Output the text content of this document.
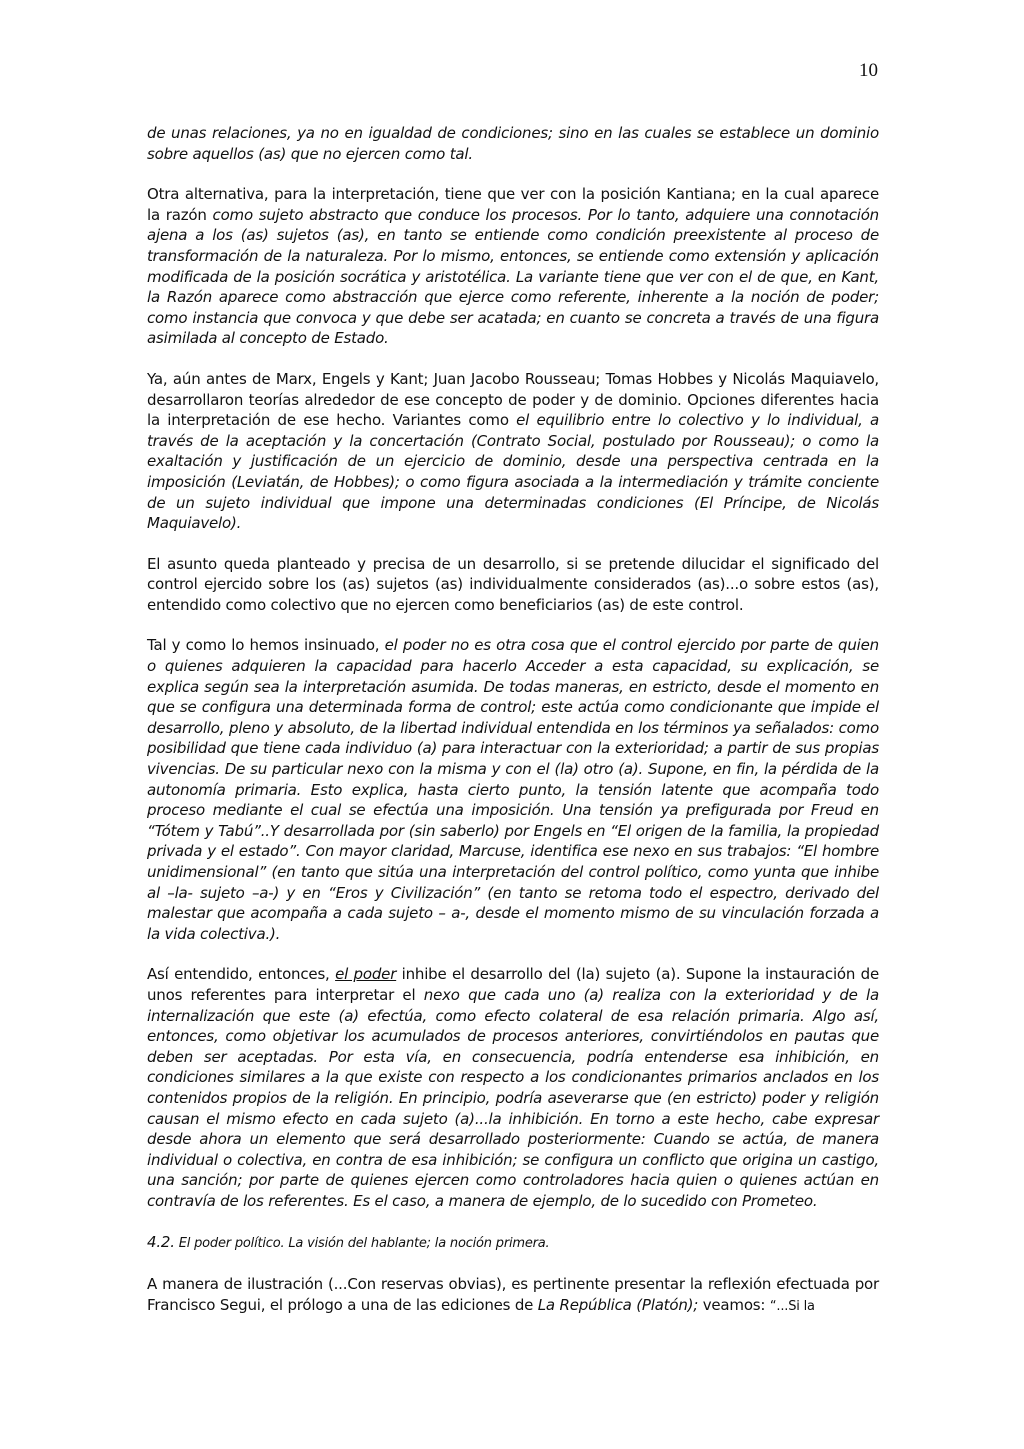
10

de unas relaciones, ya no en igualdad de condiciones; sino en las cuales se establece un dominio sobre aquellos (as) que no ejercen como tal.

Otra alternativa, para la interpretación, tiene que ver con la posición Kantiana; en la cual aparece la razón como sujeto abstracto que conduce los procesos. Por lo tanto, adquiere una connotación ajena a los (as) sujetos (as), en tanto se entiende como condición preexistente al proceso de transformación de la naturaleza. Por lo mismo, entonces, se entiende como extensión y aplicación modificada de la posición socrática y aristotélica. La variante tiene que ver con el de que, en Kant, la Razón aparece como abstracción que ejerce como referente, inherente a la noción de poder; como instancia que convoca y que debe ser acatada; en cuanto se concreta a través de una figura asimilada al concepto de Estado.

Ya, aún antes de Marx, Engels y Kant; Juan Jacobo Rousseau; Tomas Hobbes y Nicolás Maquiavelo, desarrollaron teorías alrededor de ese concepto de poder y de dominio. Opciones diferentes hacia la interpretación de ese hecho. Variantes como el equilibrio entre lo colectivo y lo individual, a través de la aceptación y la concertación (Contrato Social, postulado por Rousseau); o como la exaltación y justificación de un ejercicio de dominio, desde una perspectiva centrada en la imposición (Leviatán, de Hobbes); o como figura asociada a la intermediación y trámite conciente de un sujeto individual que impone una determinadas condiciones (El Príncipe, de Nicolás Maquiavelo).

El asunto queda planteado y precisa de un desarrollo, si se pretende dilucidar el significado del control ejercido sobre los (as) sujetos (as) individualmente considerados (as)...o sobre estos (as), entendido como colectivo que no ejercen como beneficiarios (as) de este control.

Tal y como lo hemos insinuado, el poder no es otra cosa que el control ejercido por parte de quien o quienes adquieren la capacidad para hacerlo Acceder a esta capacidad, su explicación, se explica según sea la interpretación asumida. De todas maneras, en estricto, desde el momento en que se configura una determinada forma de control; este actúa como condicionante que impide el desarrollo, pleno y absoluto, de la libertad individual entendida en los términos ya señalados: como posibilidad que tiene cada individuo (a) para interactuar con la exterioridad; a partir de sus propias vivencias. De su particular nexo con la misma y con el (la) otro (a). Supone, en fin, la pérdida de la autonomía primaria. Esto explica, hasta cierto punto, la tensión latente que acompaña todo proceso mediante el cual se efectúa una imposición. Una tensión ya prefigurada por Freud en “Tótem y Tabú”..Y desarrollada por (sin saberlo) por Engels en “El origen de la familia, la propiedad privada y el estado”. Con mayor claridad, Marcuse, identifica ese nexo en sus trabajos: “El hombre unidimensional” (en tanto que sitúa una interpretación del control político, como yunta que inhibe al –la- sujeto –a-) y en “Eros y Civilización” (en tanto se retoma todo el espectro, derivado del malestar que acompaña a cada sujeto – a-, desde el momento mismo de su vinculación forzada a la vida colectiva.).

Así entendido, entonces, el poder inhibe el desarrollo del (la) sujeto (a). Supone la instauración de unos referentes para interpretar el nexo que cada uno (a) realiza con la exterioridad y de la internalización que este (a) efectúa, como efecto colateral de esa relación primaria. Algo así, entonces, como objetivar los acumulados de procesos anteriores, convirtiéndolos en pautas que deben ser aceptadas. Por esta vía, en consecuencia, podría entenderse esa inhibición, en condiciones similares a la que existe con respecto a los condicionantes primarios anclados en los contenidos propios de la religión. En principio, podría aseverarse que (en estricto) poder y religión causan el mismo efecto en cada sujeto (a)...la inhibición. En torno a este hecho, cabe expresar desde ahora un elemento que será desarrollado posteriormente: Cuando se actúa, de manera individual o colectiva, en contra de esa inhibición; se configura un conflicto que origina un castigo, una sanción; por parte de quienes ejercen como controladores hacia quien o quienes actúan en contravía de los referentes. Es el caso, a manera de ejemplo, de lo sucedido con Prometeo.

4.2. El poder político. La visión del hablante; la noción primera.

A manera de ilustración (...Con reservas obvias), es pertinente presentar la reflexión efectuada por Francisco Segui, el prólogo a una de las ediciones de La República (Platón); veamos: “...Si la
